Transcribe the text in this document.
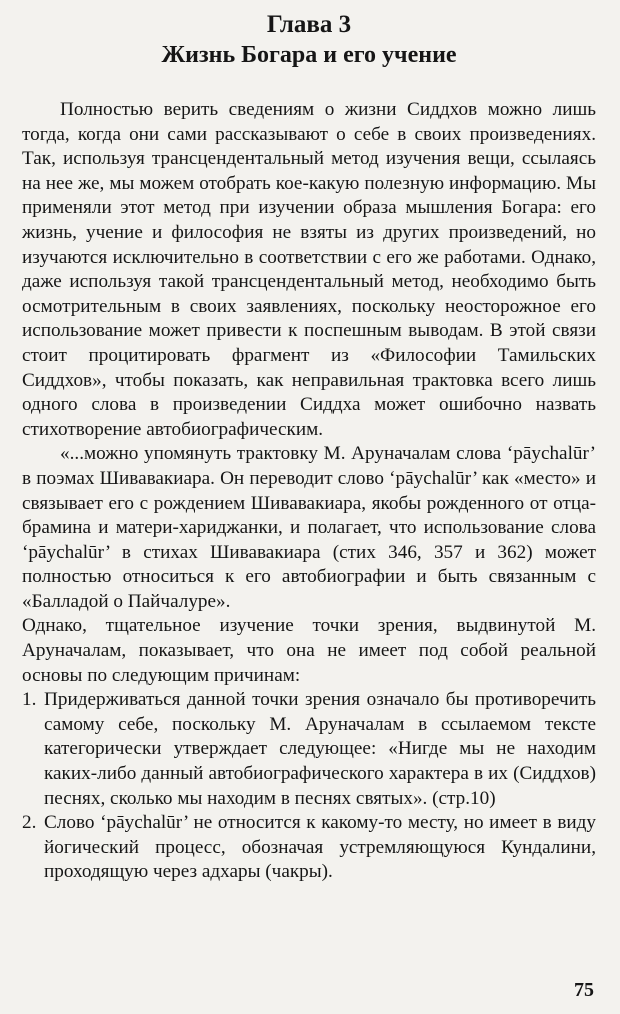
Глава 3
Жизнь Богара и его учение

Полностью верить сведениям о жизни Сиддхов можно лишь тогда, когда они сами рассказывают о себе в своих произведениях. Так, используя трансцендентальный метод изучения вещи, ссылаясь на нее же, мы можем отобрать кое-какую полезную информацию. Мы применяли этот метод при изучении образа мышления Богара: его жизнь, учение и философия не взяты из других произведений, но изучаются исключительно в соответствии с его же работами. Однако, даже используя такой трансцендентальный метод, необходимо быть осмотрительным в своих заявлениях, поскольку неосторожное его использование может привести к поспешным выводам. В этой связи стоит процитировать фрагмент из «Философии Тамильских Сиддхов», чтобы показать, как неправильная трактовка всего лишь одного слова в произведении Сиддха может ошибочно назвать стихотворение автобиографическим.

«...можно упомянуть трактовку М. Аруначалам слова ‘pāychalūr’ в поэмах Шивавакиара. Он переводит слово ‘pāychalūr’ как «место» и связывает его с рождением Шивавакиара, якобы рожденного от отца-брамина и матери-хариджанки, и полагает, что использование слова ‘pāychalūr’ в стихах Шивавакиара (стих 346, 357 и 362) может полностью относиться к его автобиографии и быть связанным с «Балладой о Пайчалуре».

Однако, тщательное изучение точки зрения, выдвинутой М. Аруначалам, показывает, что она не имеет под собой реальной основы по следующим причинам:

1. Придерживаться данной точки зрения означало бы противоречить самому себе, поскольку М. Аруначалам в ссылаемом тексте категорически утверждает следующее: «Нигде мы не находим каких-либо данный автобиографического характера в их (Сиддхов) песнях, сколько мы находим в песнях святых». (стр.10)
2. Слово ‘pāychalūr’ не относится к какому-то месту, но имеет в виду йогический процесс, обозначая устремляющуюся Кундалини, проходящую через адхары (чакры).
75
